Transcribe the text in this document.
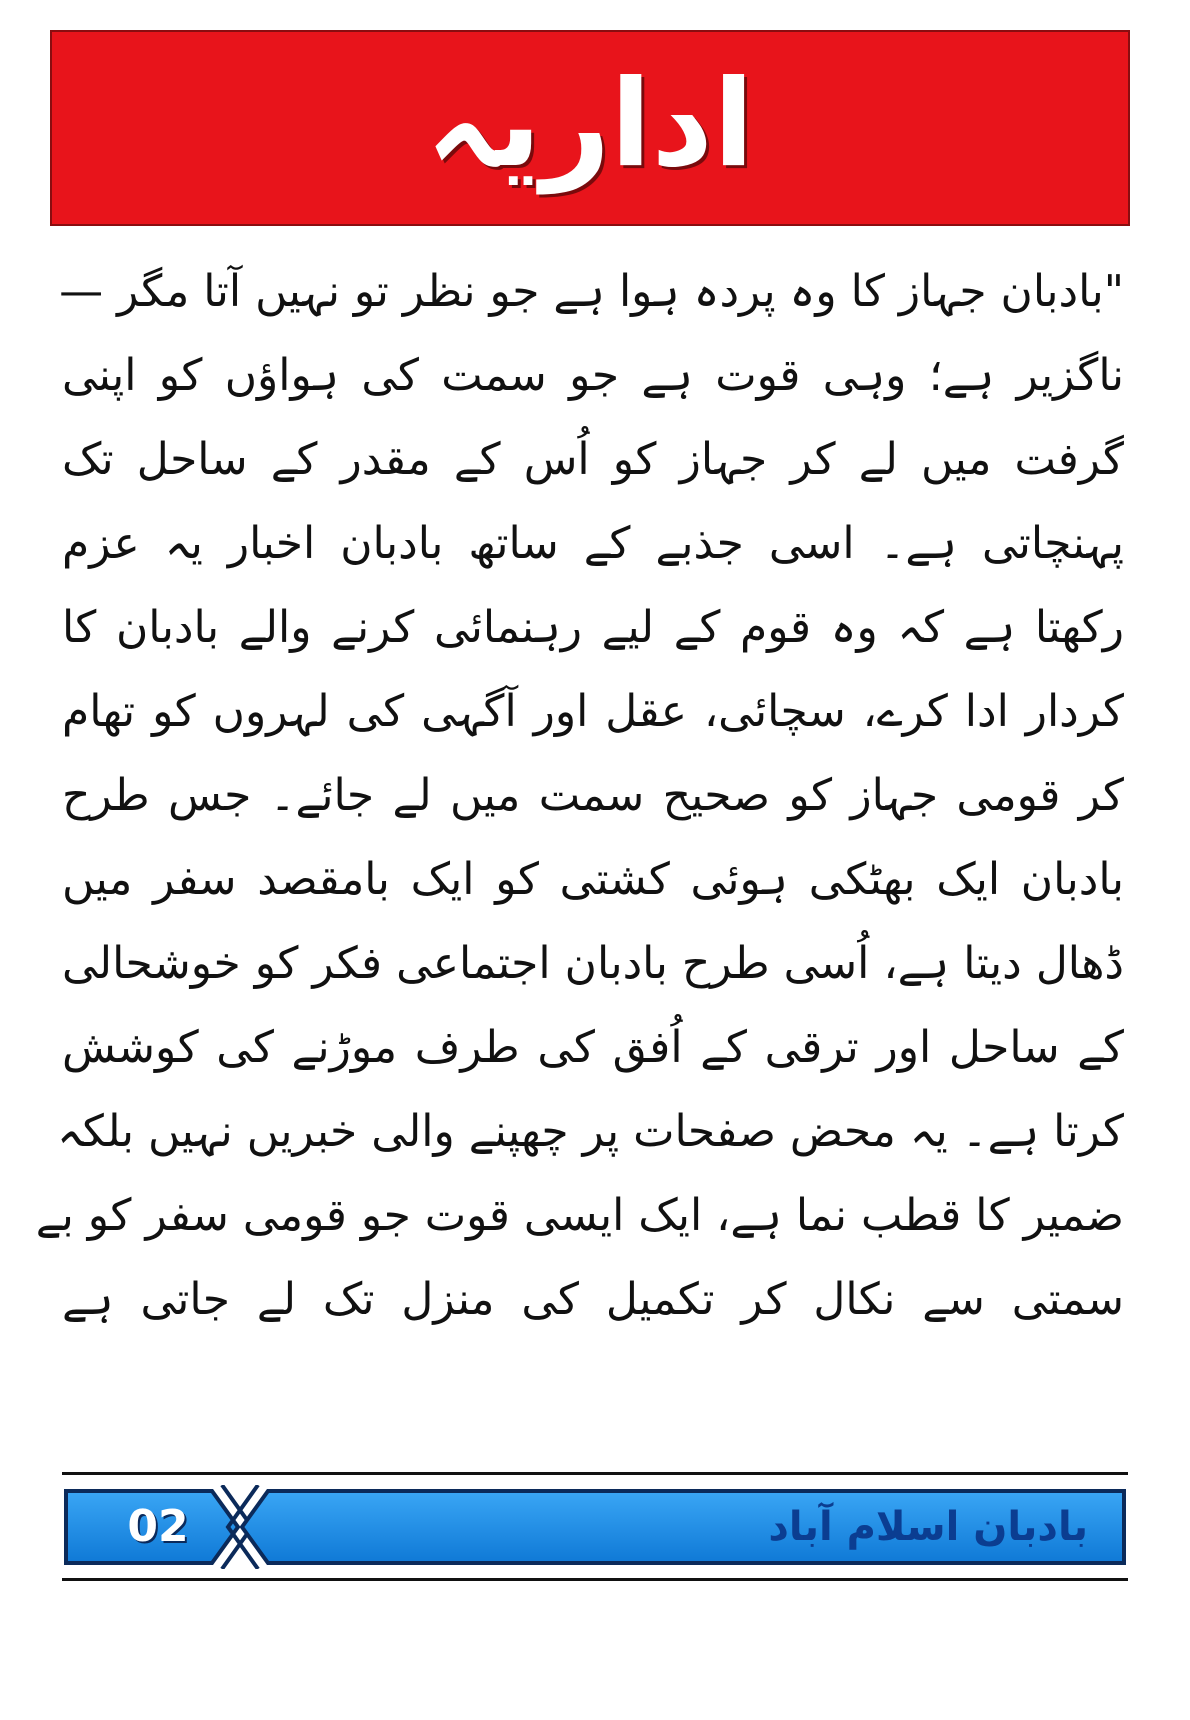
اداریہ
"بادبان جہاز کا وہ پردہ ہوا ہے جو نظر تو نہیں آتا مگر —
ناگزیر ہے؛ وہی قوت ہے جو سمت کی ہواؤں کو اپنی
گرفت میں لے کر جہاز کو اُس کے مقدر کے ساحل تک
پہنچاتی ہے۔ اسی جذبے کے ساتھ بادبان اخبار یہ عزم
رکھتا ہے کہ وہ قوم کے لیے رہنمائی کرنے والے بادبان کا
کردار ادا کرے، سچائی، عقل اور آگہی کی لہروں کو تھام
کر قومی جہاز کو صحیح سمت میں لے جائے۔ جس طرح
بادبان ایک بھٹکی ہوئی کشتی کو ایک بامقصد سفر میں
ڈھال دیتا ہے، اُسی طرح بادبان اجتماعی فکر کو خوشحالی
کے ساحل اور ترقی کے اُفق کی طرف موڑنے کی کوشش
کرتا ہے۔ یہ محض صفحات پر چھپنے والی خبریں نہیں بلکہ
ضمیر کا قطب نما ہے، ایک ایسی قوت جو قومی سفر کو بے
سمتی سے نکال کر تکمیل کی منزل تک لے جاتی ہے
02	بادبان اسلام آباد
